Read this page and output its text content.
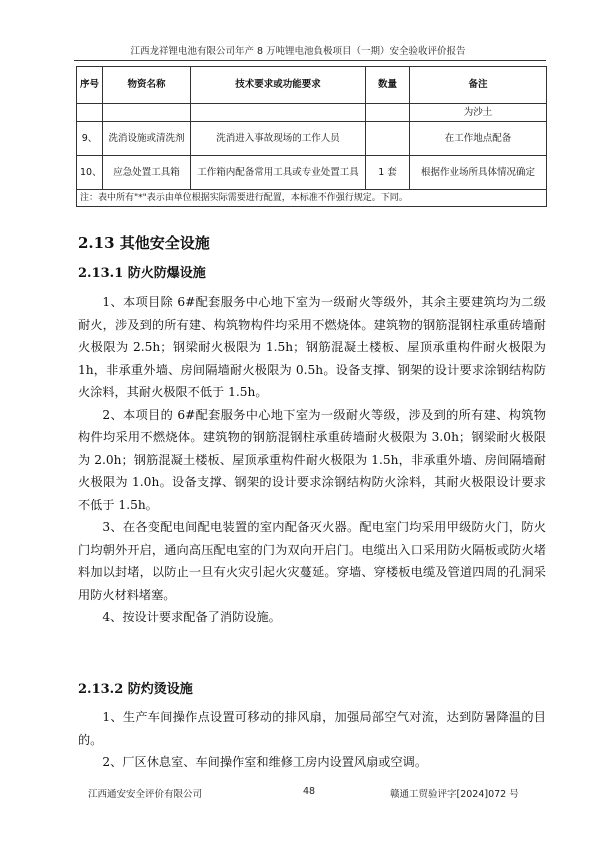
江西龙祥锂电池有限公司年产 8 万吨锂电池負极项目（一期）安全验收评价报告
序号	物资名称	技术要求或功能要求	数量	备注
				为沙土
9、	洗消设施或清洗剂	洗消进入事故现场的工作人员		在工作地点配备
10、	应急处置工具箱	工作箱内配备常用工具或专业处置工具	1 套	根据作业场所具体情况确定
注：表中所有"*"表示由单位根据实际需要进行配置，本标准不作强行规定。下同。				
2.13 其他安全设施
2.13.1 防火防爆设施

1、本项目除 6#配套服务中心地下室为一级耐火等级外，其余主要建筑均为二级耐火，涉及到的所有建、构筑物构件均采用不燃烧体。建筑物的钢筋混钢柱承重砖墙耐火极限为 2.5h；钢梁耐火极限为 1.5h；钢筋混凝土楼板、屋顶承重构件耐火极限为 1h，非承重外墙、房间隔墙耐火极限为 0.5h。设备支撑、钢架的设计要求涂钢结构防火涂料，其耐火极限不低于 1.5h。

2、本项目的 6#配套服务中心地下室为一级耐火等级，涉及到的所有建、构筑物构件均采用不燃烧体。建筑物的钢筋混钢柱承重砖墙耐火极限为 3.0h；钢梁耐火极限为 2.0h；钢筋混凝土楼板、屋顶承重构件耐火极限为 1.5h，非承重外墙、房间隔墙耐火极限为 1.0h。设备支撑、钢架的设计要求涂钢结构防火涂料，其耐火极限设计要求不低于 1.5h。

3、在各变配电间配电装置的室内配备灭火器。配电室门均采用甲级防火门，防火门均朝外开启，通向高压配电室的门为双向开启门。电缆出入口采用防火隔板或防火堵料加以封堵，以防止一旦有火灾引起火灾蔓延。穿墙、穿楼板电缆及管道四周的孔洞采用防火材料堵塞。

4、按设计要求配备了消防设施。

2.13.2 防灼烫设施

1、生产车间操作点设置可移动的排风扇，加强局部空气对流，达到防暑降温的目的。

2、厂区休息室、车间操作室和维修工房内设置风扇或空调。

江西通安安全评价有限公司	48	赣通工贸验评字[2024]072 号
